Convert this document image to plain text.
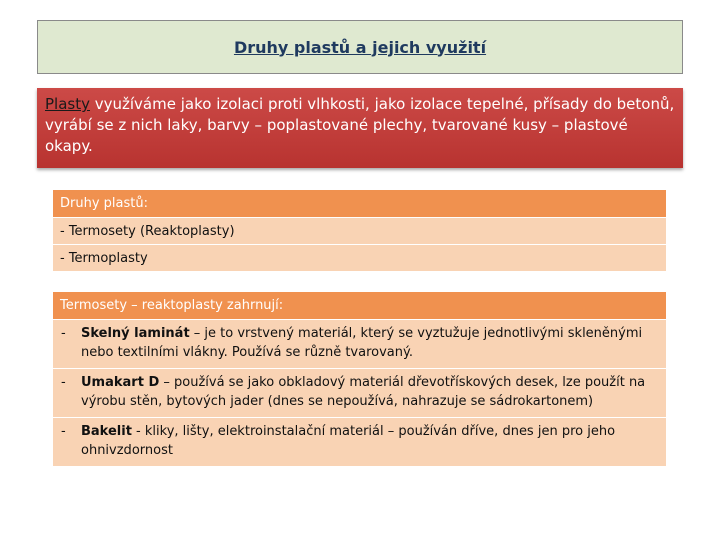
Druhy plastů a jejich využití
Plasty využíváme jako izolaci proti vlhkosti, jako izolace tepelné, přísady do betonů, vyrábí se z nich laky, barvy – poplastované plechy, tvarované kusy – plastové okapy.
Druhy plastů:
- Termosety (Reaktoplasty)
- Termoplasty
Termosety – reaktoplasty zahrnují:
-	Skelný laminát – je to vrstvený materiál, který se vyztužuje jednotlivými skleněnými nebo textilními vlákny. Používá se různě tvarovaný.
-	Umakart D – používá se jako obkladový materiál dřevotřískových desek, lze použít na výrobu stěn, bytových jader (dnes se nepoužívá, nahrazuje se sádrokartonem)
-	Bakelit - kliky, lišty, elektroinstalační materiál – používán dříve, dnes jen pro jeho ohnivzdornost
